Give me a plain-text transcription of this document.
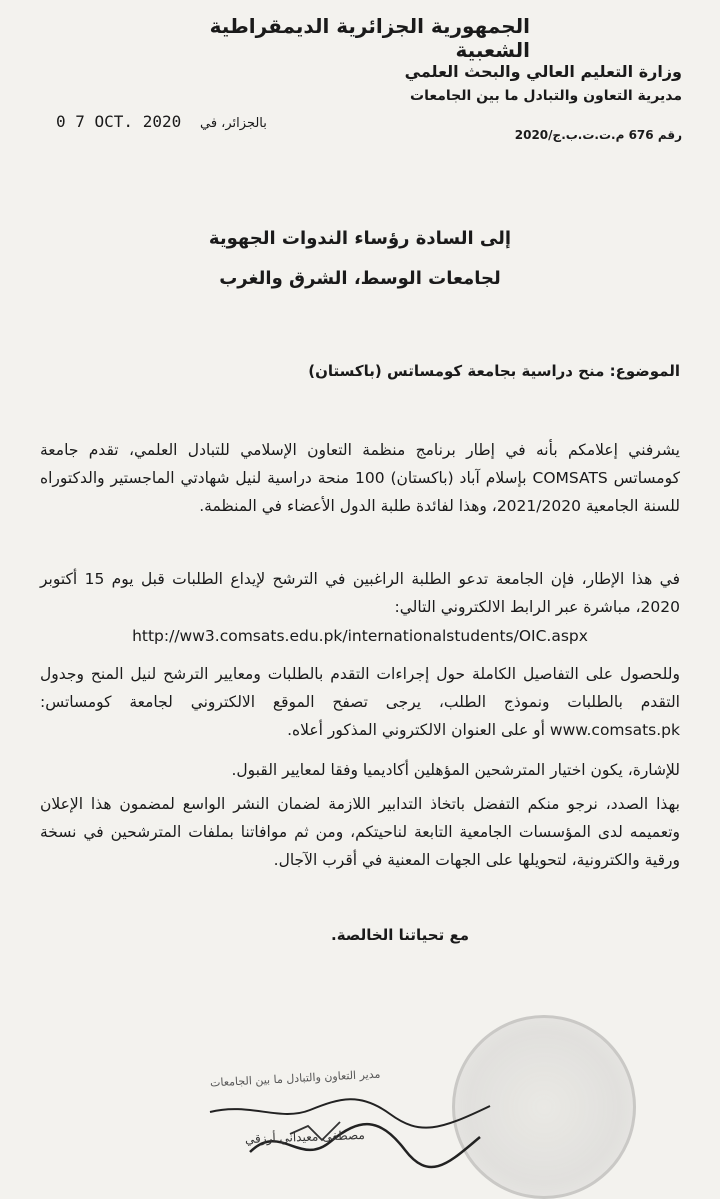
الجمهورية الجزائرية الديمقراطية الشعبية
وزارة التعليم العالي والبحث العلمي
مديرية التعاون والتبادل ما بين الجامعات
رقم 676 م.ت.ت.ب.ج/2020
بالجزائر، في
0 7 OCT. 2020
إلى السادة رؤساء الندوات الجهوية
لجامعات الوسط، الشرق والغرب
الموضوع: منح دراسية بجامعة كومساتس (باكستان)
يشرفني إعلامكم بأنه في إطار برنامج منظمة التعاون الإسلامي للتبادل العلمي، تقدم جامعة كومساتس COMSATS بإسلام آباد (باكستان) 100 منحة دراسية لنيل شهادتي الماجستير والدكتوراه للسنة الجامعية 2021/2020، وهذا لفائدة طلبة الدول الأعضاء في المنظمة.
في هذا الإطار، فإن الجامعة تدعو الطلبة الراغبين في الترشح لإيداع الطلبات قبل يوم 15 أكتوبر 2020، مباشرة عبر الرابط الالكتروني التالي:
http://ww3.comsats.edu.pk/internationalstudents/OIC.aspx
وللحصول على التفاصيل الكاملة حول إجراءات التقدم بالطلبات ومعايير الترشح لنيل المنح وجدول التقدم بالطلبات ونموذج الطلب، يرجى تصفح الموقع الالكتروني لجامعة كومساتس: www.comsats.pk أو على العنوان الالكتروني المذكور أعلاه.
للإشارة، يكون اختيار المترشحين المؤهلين أكاديميا وفقا لمعايير القبول.
بهذا الصدد، نرجو منكم التفضل باتخاذ التدابير اللازمة لضمان النشر الواسع لمضمون هذا الإعلان وتعميمه لدى المؤسسات الجامعية التابعة لناحيتكم، ومن ثم موافاتنا بملفات المترشحين في نسخة ورقية والكترونية، لتحويلها على الجهات المعنية في أقرب الآجال.
مع تحياتنا الخالصة.
مدير التعاون والتبادل ما بين الجامعات
مصطفى معيداني أرزقي
